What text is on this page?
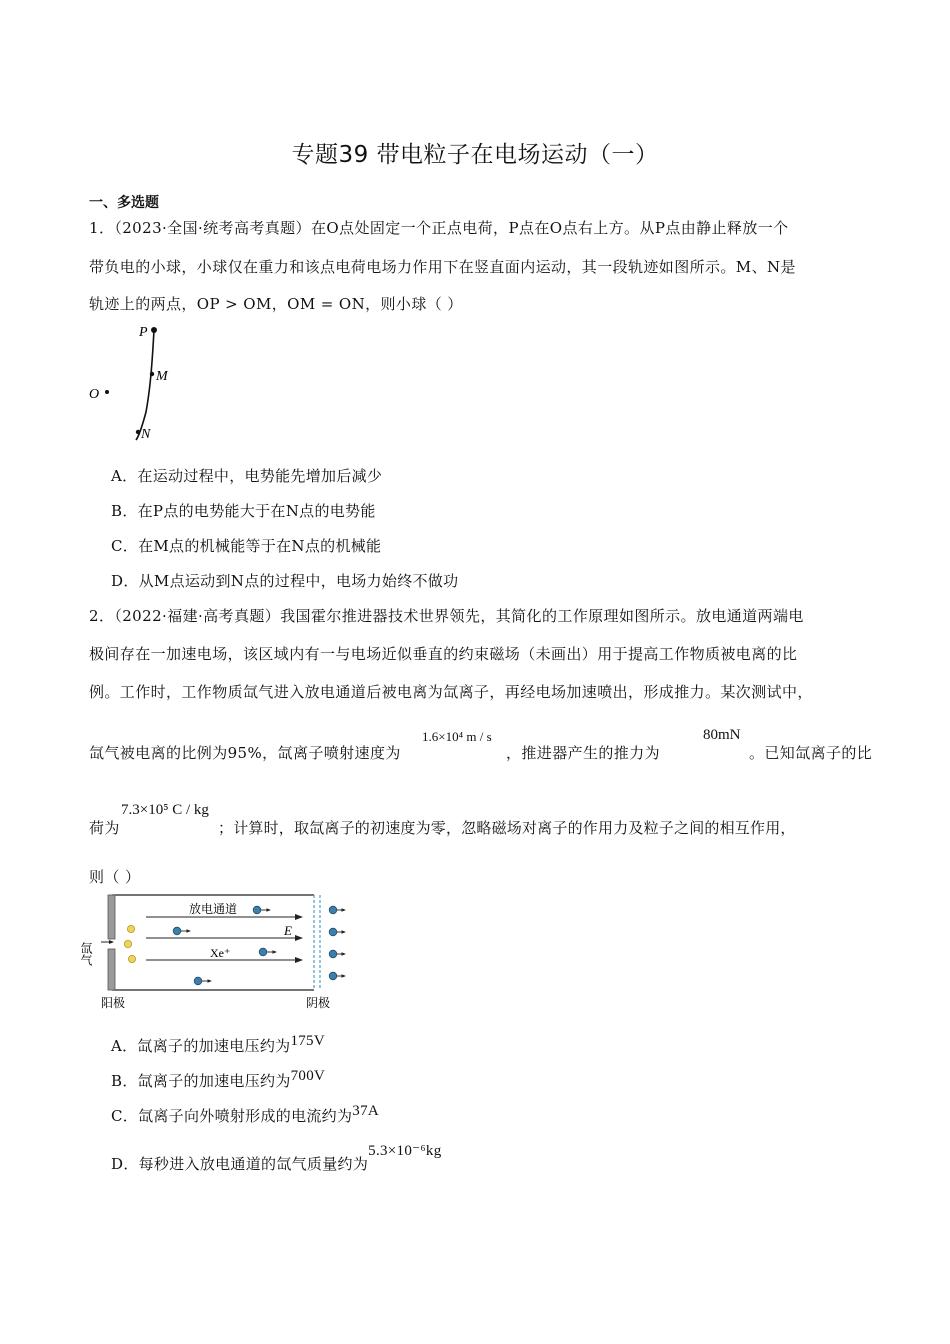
专题39 带电粒子在电场运动（一）
一、多选题
1．（2023·全国·统考高考真题）在O点处固定一个正点电荷，P点在O点右上方。从P点由静止释放一个
带负电的小球，小球仅在重力和该点电荷电场力作用下在竖直面内运动，其一段轨迹如图所示。M、N是
轨迹上的两点，OP > OM，OM = ON，则小球（ ）
P
M
N
O
A．在运动过程中，电势能先增加后减少
B．在P点的电势能大于在N点的电势能
C．在M点的机械能等于在N点的机械能
D．从M点运动到N点的过程中，电场力始终不做功
2．（2022·福建·高考真题）我国霍尔推进器技术世界领先，其简化的工作原理如图所示。放电通道两端电
极间存在一加速电场，该区域内有一与电场近似垂直的约束磁场（未画出）用于提高工作物质被电离的比
例。工作时，工作物质氙气进入放电通道后被电离为氙离子，再经电场加速喷出，形成推力。某次测试中，
氙气被电离的比例为95%，氙离子喷射速度为
1.6×10⁴ m / s
，推进器产生的推力为
80mN
。已知氙离子的比
荷为
7.3×10⁵ C / kg
；计算时，取氙离子的初速度为零，忽略磁场对离子的作用力及粒子之间的相互作用，
则（ ）
放电通道
E
Xe⁺
氙气
阳极	阴极
A．氙离子的加速电压约为175V
B．氙离子的加速电压约为700V
C．氙离子向外喷射形成的电流约为37A
D．每秒进入放电通道的氙气质量约为5.3×10⁻⁶kg
